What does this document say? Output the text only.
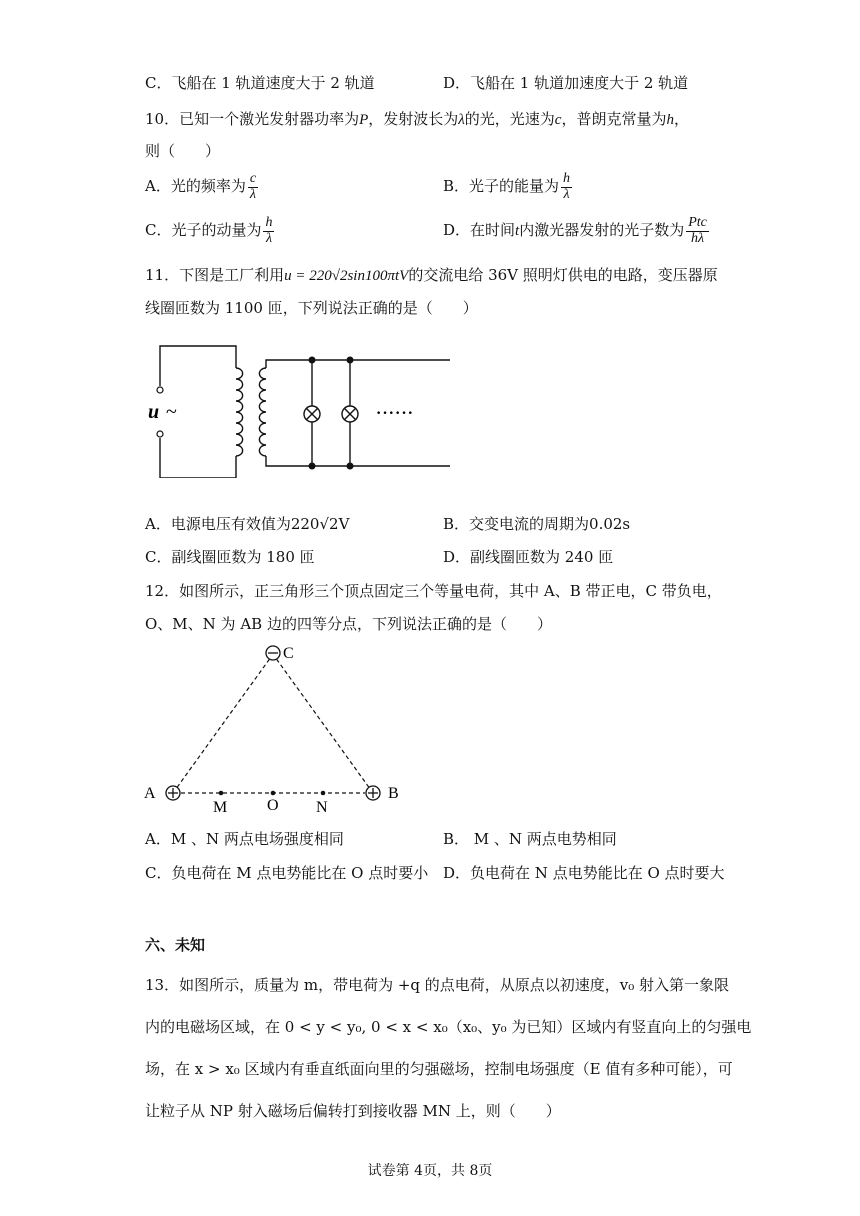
C．飞船在 1 轨道速度大于 2 轨道	D．飞船在 1 轨道加速度大于 2 轨道
10．已知一个激光发射器功率为P，发射波长为λ的光，光速为c，普朗克常量为h，
则（　　）
A．光的频率为 $\frac{c}{\lambda}$	B．光子的能量为 $\frac{h}{\lambda}$
C．光子的动量为 $\frac{h}{\lambda}$	D．在时间t内激光器发射的光子数为 $\frac{\text{Ptc}}{h\lambda}$
11．下图是工厂利用u = 220√2sin100πtV的交流电给 36V 照明灯供电的电路，变压器原
线圈匝数为 1100 匝，下列说法正确的是（　　）
u ~	······
A．电源电压有效值为220√2V	B．交变电流的周期为0.02s
C．副线圈匝数为 180 匝	D．副线圈匝数为 240 匝
12．如图所示，正三角形三个顶点固定三个等量电荷，其中 A、B 带正电，C 带负电，
O、M、N 为 AB 边的四等分点，下列说法正确的是（　　）
C
A	B
M O N
A．M 、N 两点电场强度相同	B． M 、N 两点电势相同
C．负电荷在 M 点电势能比在 O 点时要小 D．负电荷在 N 点电势能比在 O 点时要大
六、未知
13．如图所示，质量为 m，带电荷为 +q 的点电荷，从原点以初速度，v₀ 射入第一象限
内的电磁场区域，在 0 < y < y₀, 0 < x < x₀（x₀、y₀ 为已知）区域内有竖直向上的匀强电
场，在 x > x₀ 区域内有垂直纸面向里的匀强磁场，控制电场强度（E 值有多种可能），可
让粒子从 NP 射入磁场后偏转打到接收器 MN 上，则（　　）
试卷第 4页，共 8页
